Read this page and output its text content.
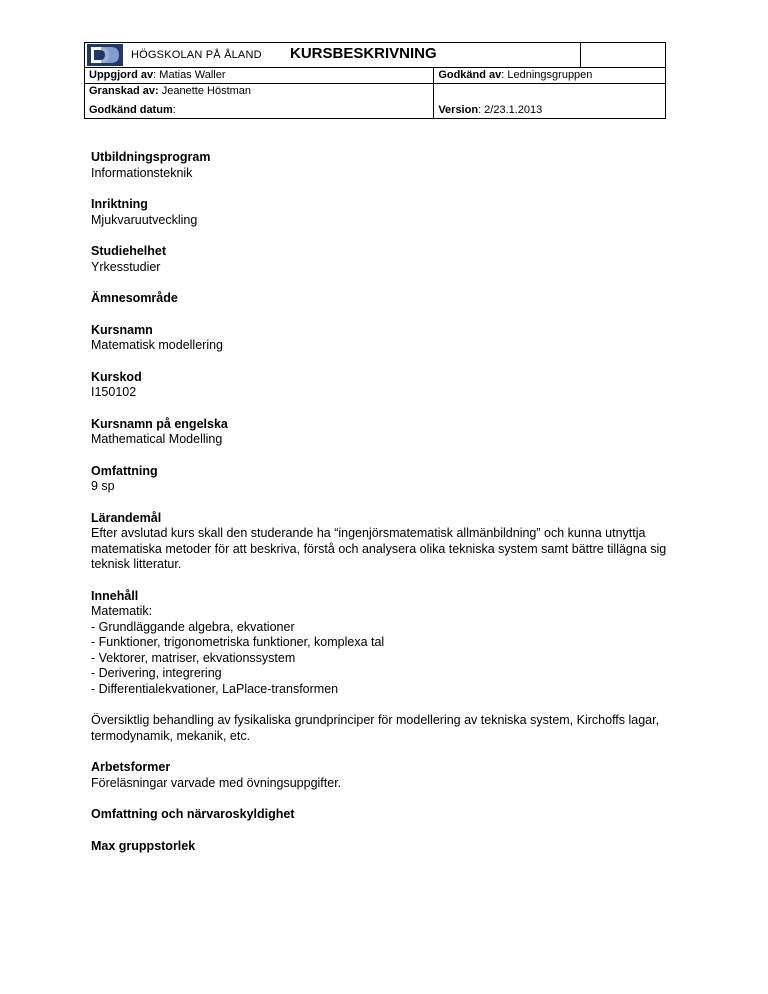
HÖGSKOLAN PÅ ÅLAND KURSBESKRIVNING		

Uppgjord av: Matias Waller	Godkänd av: Ledningsgruppen	
Granskad av: Jeanette Höstman		

Godkänd datum:	Version: 2/23.1.2013	

Utbildningsprogram

Informationsteknik

Inriktning

Mjukvaruutveckling

Studiehelhet

Yrkesstudier

Ämnesområde

Kursnamn

Matematisk modellering

Kurskod

I150102

Kursnamn på engelska

Mathematical Modelling

Omfattning

9 sp

Lärandemål

Efter avslutad kurs skall den studerande ha “ingenjörsmatematisk allmänbildning” och kunna utnyttja matematiska metoder för att beskriva, förstå och analysera olika tekniska system samt bättre tillägna sig teknisk litteratur.

Innehåll

Matematik:

- Grundläggande algebra, ekvationer

- Funktioner, trigonometriska funktioner, komplexa tal

- Vektorer, matriser, ekvationssystem

- Derivering, integrering

- Differentialekvationer, LaPlace-transformen

Översiktlig behandling av fysikaliska grundprinciper för modellering av tekniska system, Kirchoffs lagar, termodynamik, mekanik, etc.

Arbetsformer

Föreläsningar varvade med övningsuppgifter.

Omfattning och närvaroskyldighet

Max gruppstorlek
